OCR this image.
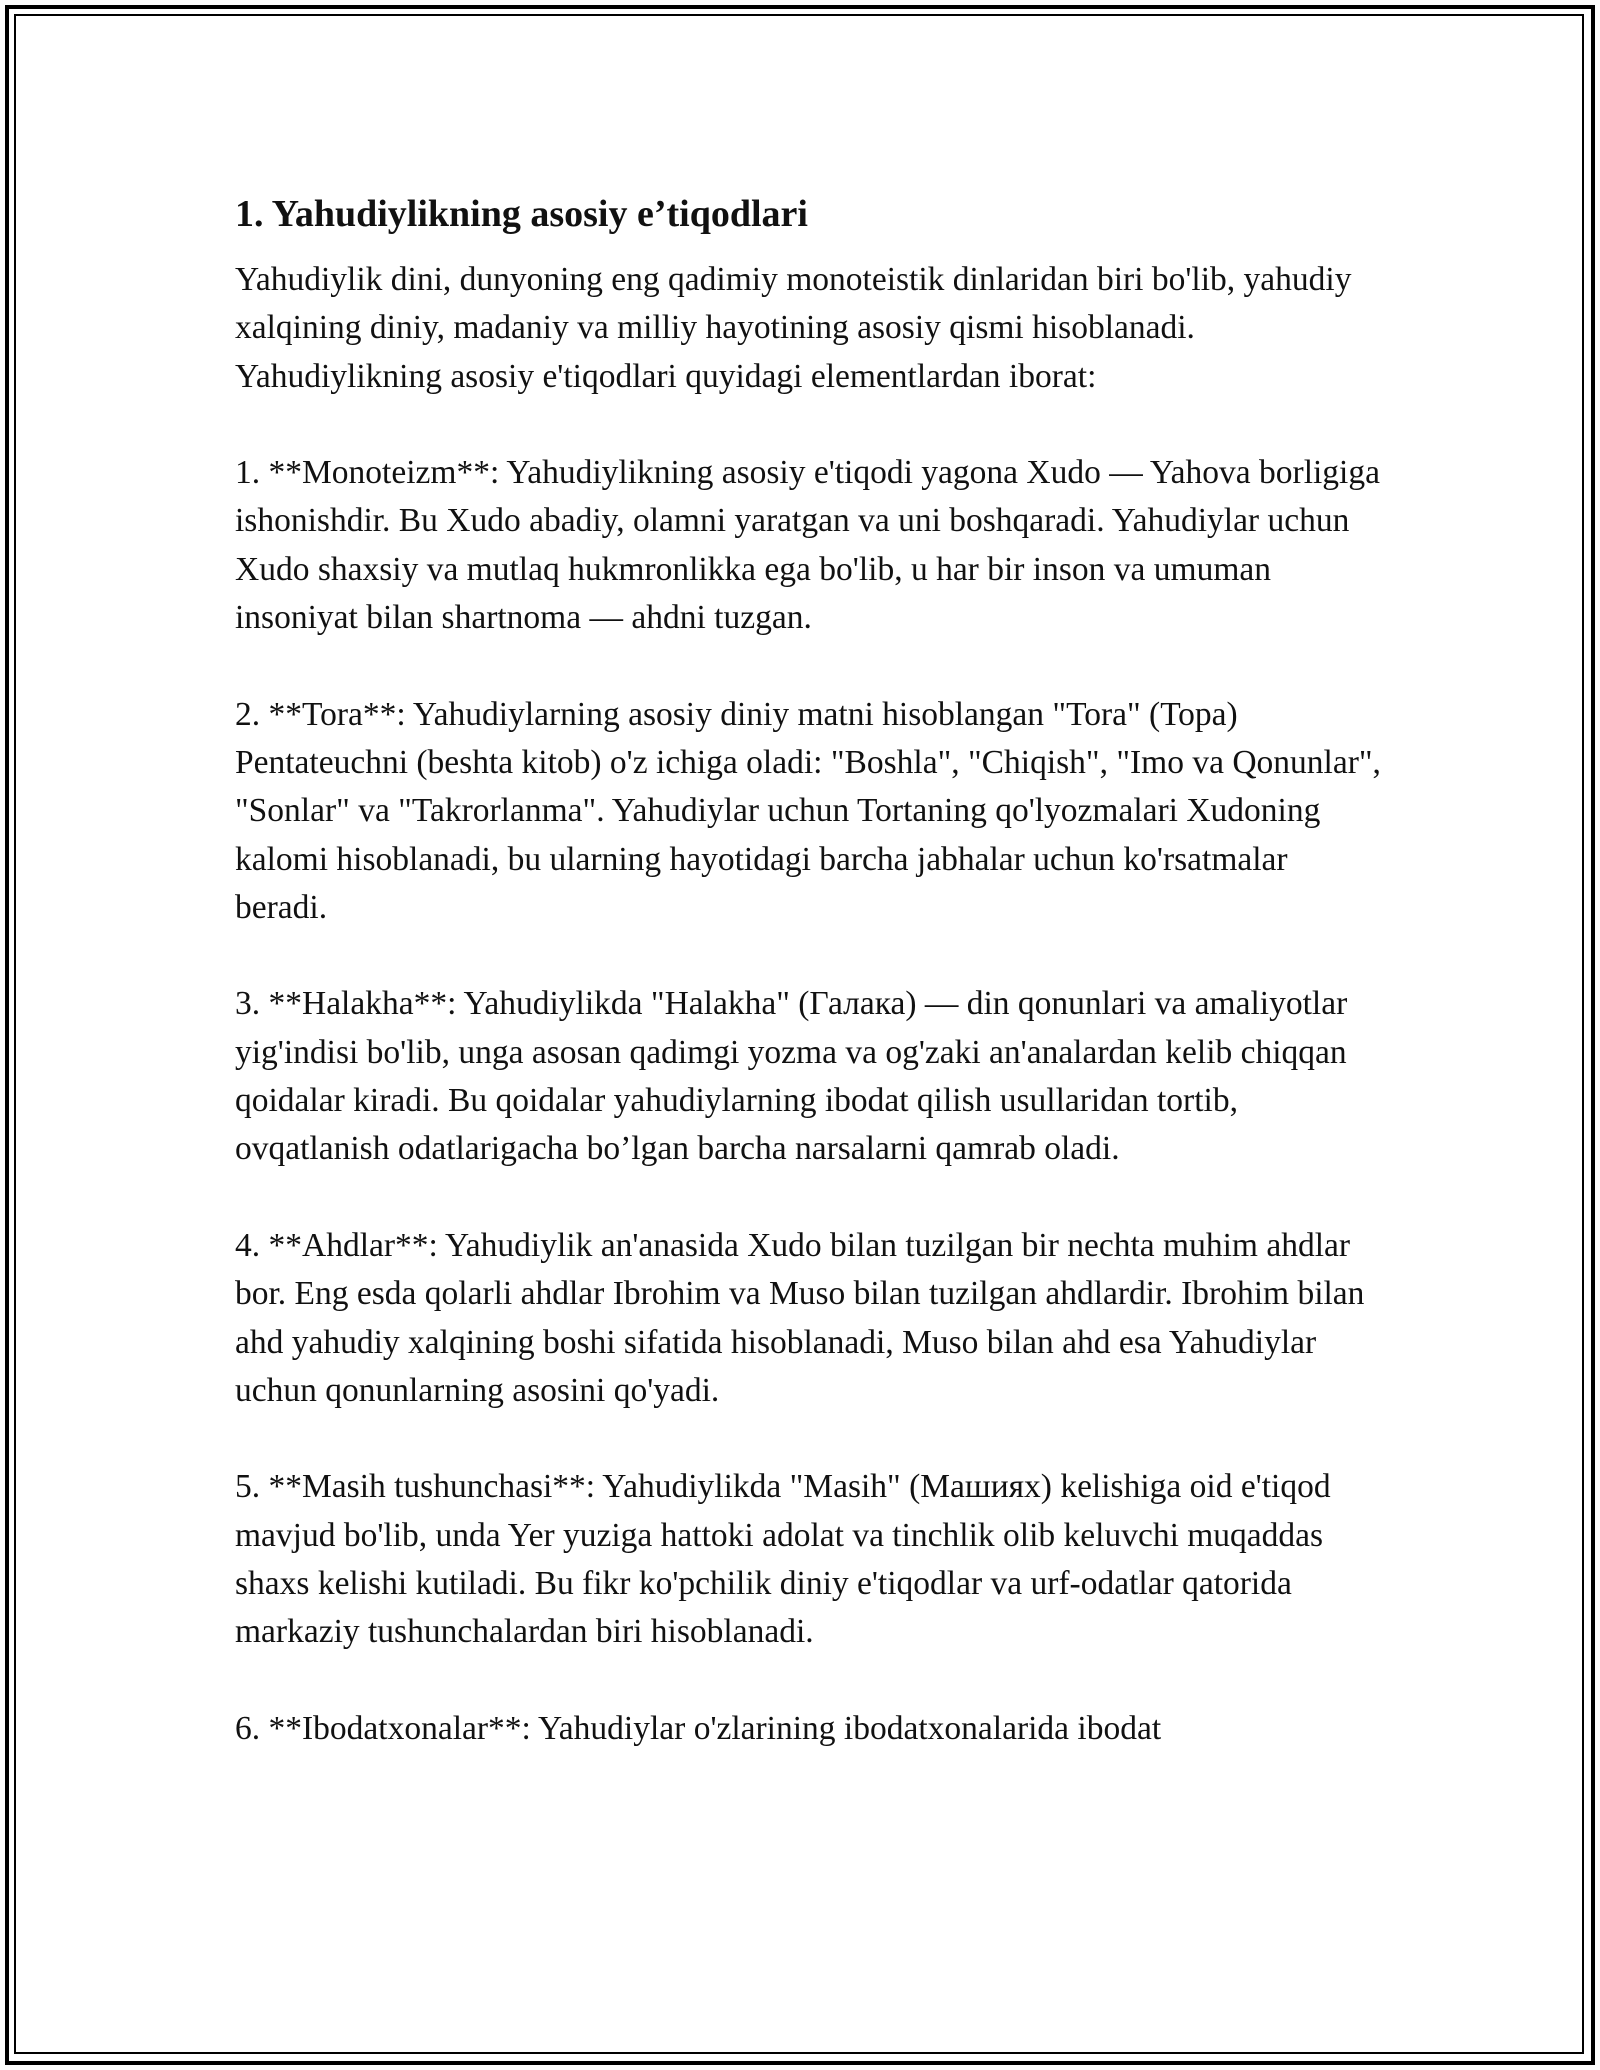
1. Yahudiylikning asosiy e’tiqodlari

Yahudiylik dini, dunyoning eng qadimiy monoteistik dinlaridan biri bo'lib, yahudiy xalqining diniy, madaniy va milliy hayotining asosiy qismi hisoblanadi. Yahudiylikning asosiy e'tiqodlari quyidagi elementlardan iborat:

1. **Monoteizm**: Yahudiylikning asosiy e'tiqodi yagona Xudo — Yahova borligiga ishonishdir. Bu Xudo abadiy, olamni yaratgan va uni boshqaradi. Yahudiylar uchun Xudo shaxsiy va mutlaq hukmronlikka ega bo'lib, u har bir inson va umuman insoniyat bilan shartnoma — ahdni tuzgan.

2. **Tora**: Yahudiylarning asosiy diniy matni hisoblangan "Tora" (Тора) Pentateuchni (beshta kitob) o'z ichiga oladi: "Boshla", "Chiqish", "Imo va Qonunlar", "Sonlar" va "Takrorlanma". Yahudiylar uchun Tortaning qo'lyozmalari Xudoning kalomi hisoblanadi, bu ularning hayotidagi barcha jabhalar uchun ko'rsatmalar beradi.

3. **Halakha**: Yahudiylikda "Halakha" (Галака) — din qonunlari va amaliyotlar yig'indisi bo'lib, unga asosan qadimgi yozma va og'zaki an'analardan kelib chiqqan qoidalar kiradi. Bu qoidalar yahudiylarning ibodat qilish usullaridan tortib, ovqatlanish odatlarigacha bo’lgan barcha narsalarni qamrab oladi.

4. **Ahdlar**: Yahudiylik an'anasida Xudo bilan tuzilgan bir nechta muhim ahdlar bor. Eng esda qolarli ahdlar Ibrohim va Muso bilan tuzilgan ahdlardir. Ibrohim bilan ahd yahudiy xalqining boshi sifatida hisoblanadi, Muso bilan ahd esa Yahudiylar uchun qonunlarning asosini qo'yadi.

5. **Masih tushunchasi**: Yahudiylikda "Masih" (Машиях) kelishiga oid e'tiqod mavjud bo'lib, unda Yer yuziga hattoki adolat va tinchlik olib keluvchi muqaddas shaxs kelishi kutiladi. Bu fikr ko'pchilik diniy e'tiqodlar va urf-odatlar qatorida markaziy tushunchalardan biri hisoblanadi.

6. **Ibodatxonalar**: Yahudiylar o'zlarining ibodatxonalarida ibodat
